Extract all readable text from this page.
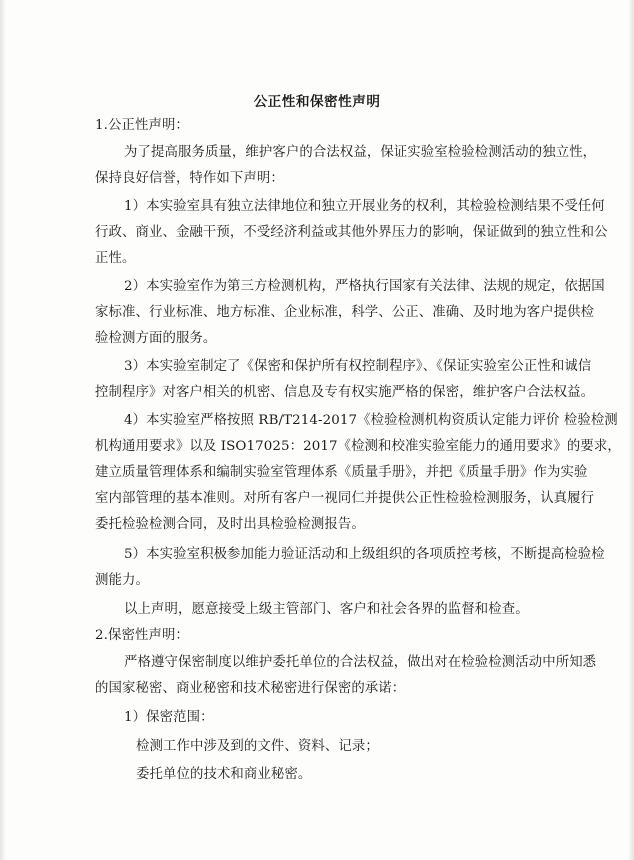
公正性和保密性声明
1.公正性声明：
为了提高服务质量，维护客户的合法权益，保证实验室检验检测活动的独立性，
保持良好信誉，特作如下声明：
1）本实验室具有独立法律地位和独立开展业务的权利，其检验检测结果不受任何
行政、商业、金融干预，不受经济利益或其他外界压力的影响，保证做到的独立性和公
正性。
2）本实验室作为第三方检测机构，严格执行国家有关法律、法规的规定，依据国
家标准、行业标准、地方标准、企业标准，科学、公正、准确、及时地为客户提供检
验检测方面的服务。
3）本实验室制定了《保密和保护所有权控制程序》、《保证实验室公正性和诚信
控制程序》对客户相关的机密、信息及专有权实施严格的保密，维护客户合法权益。
4）本实验室严格按照 RB/T214-2017《检验检测机构资质认定能力评价 检验检测
机构通用要求》以及 ISO17025：2017《检测和校准实验室能力的通用要求》的要求，
建立质量管理体系和编制实验室管理体系《质量手册》，并把《质量手册》作为实验
室内部管理的基本准则。对所有客户一视同仁并提供公正性检验检测服务，认真履行
委托检验检测合同，及时出具检验检测报告。
5）本实验室积极参加能力验证活动和上级组织的各项质控考核，不断提高检验检
测能力。
以上声明，愿意接受上级主管部门、客户和社会各界的监督和检查。
2.保密性声明：
严格遵守保密制度以维护委托单位的合法权益，做出对在检验检测活动中所知悉
的国家秘密、商业秘密和技术秘密进行保密的承诺：
1）保密范围：
检测工作中涉及到的文件、资料、记录；
委托单位的技术和商业秘密。
